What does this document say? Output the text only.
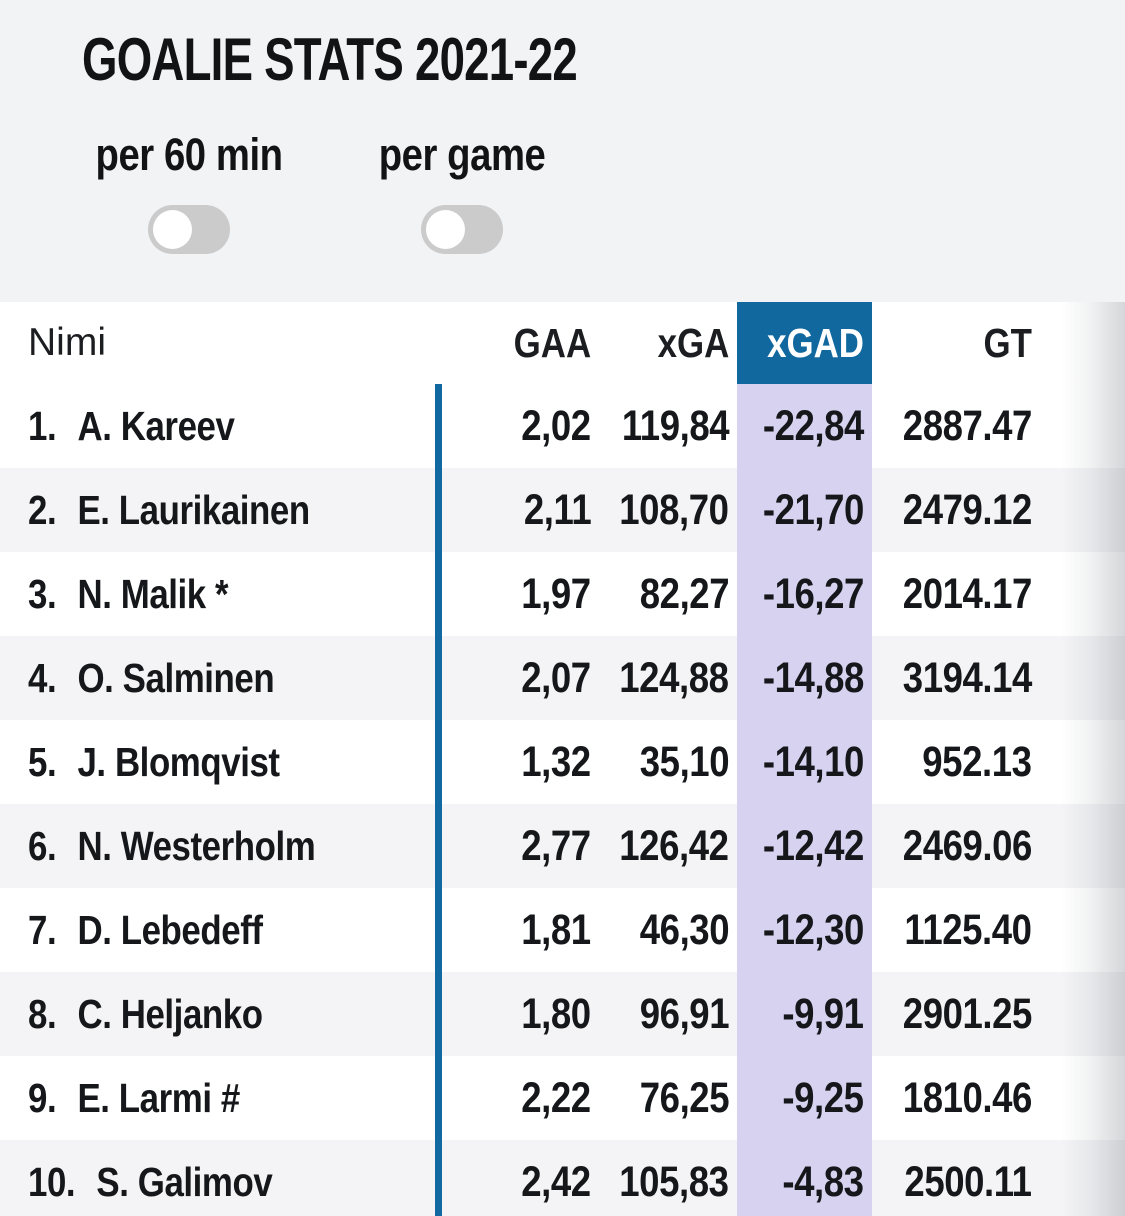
GOALIE STATS 2021-22
per 60 min	per game
Nimi	GAA xGA xGAD	GT
1. A. Kareev	2,02 119,84 -22,84 2887.47
2. E. Laurikainen	2,11 108,70 -21,70 2479.12
3. N. Malik *	1,97 82,27 -16,27 2014.17
4. O. Salminen	2,07 124,88 -14,88 3194.14
5. J. Blomqvist	1,32 35,10 -14,10 952.13
6. N. Westerholm	2,77 126,42 -12,42 2469.06
7. D. Lebedeff	1,81 46,30 -12,30 1125.40
8. C. Heljanko	1,80 96,91 -9,91 2901.25
9. E. Larmi #	2,22 76,25 -9,25 1810.46
10. S. Galimov	2,42 105,83 -4,83 2500.11
